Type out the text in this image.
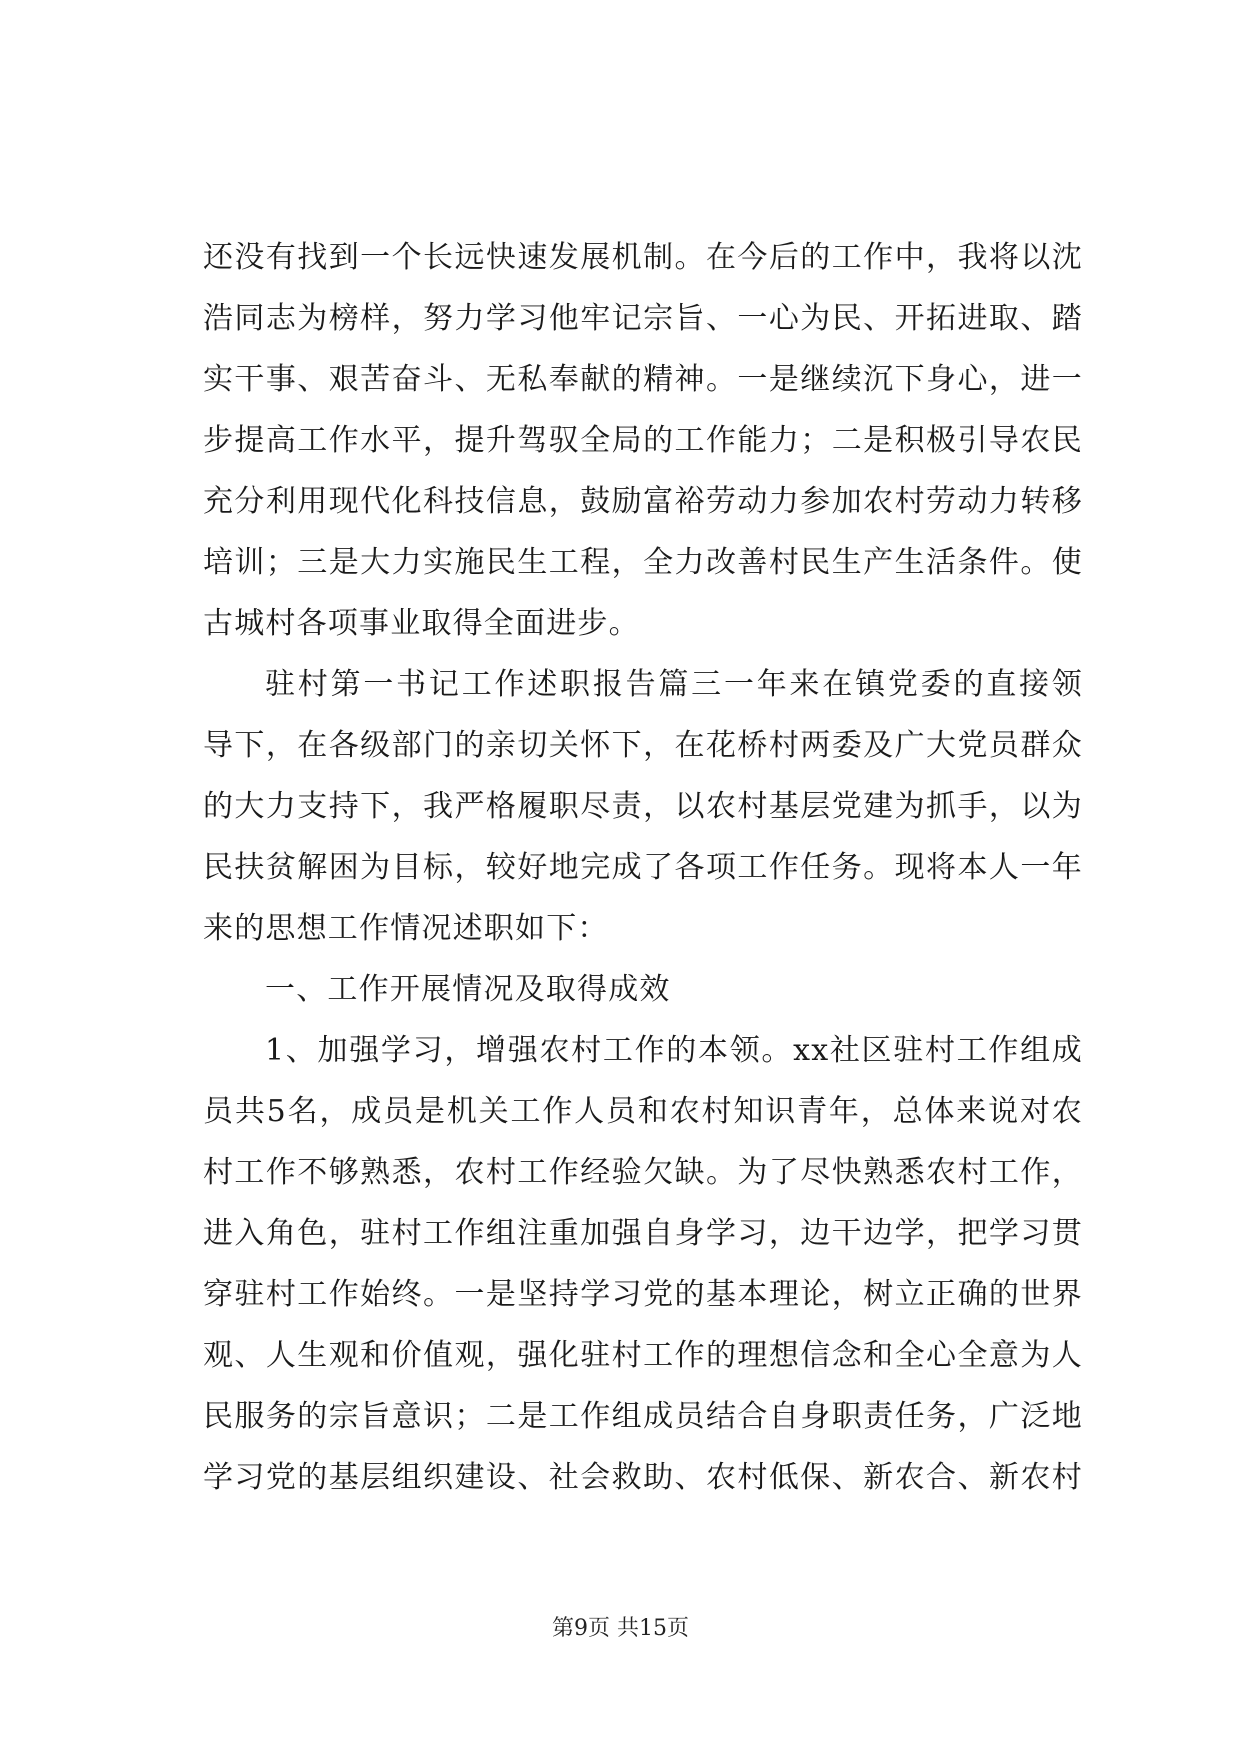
还没有找到一个长远快速发展机制。在今后的工作中，我将以沈
浩同志为榜样，努力学习他牢记宗旨、一心为民、开拓进取、踏
实干事、艰苦奋斗、无私奉献的精神。一是继续沉下身心，进一
步提高工作水平，提升驾驭全局的工作能力；二是积极引导农民
充分利用现代化科技信息，鼓励富裕劳动力参加农村劳动力转移
培训；三是大力实施民生工程，全力改善村民生产生活条件。使
古城村各项事业取得全面进步。
驻村第一书记工作述职报告篇三一年来在镇党委的直接领
导下，在各级部门的亲切关怀下，在花桥村两委及广大党员群众
的大力支持下，我严格履职尽责，以农村基层党建为抓手，以为
民扶贫解困为目标，较好地完成了各项工作任务。现将本人一年
来的思想工作情况述职如下：
一、工作开展情况及取得成效
1、加强学习，增强农村工作的本领。xx社区驻村工作组成
员共5名，成员是机关工作人员和农村知识青年，总体来说对农
村工作不够熟悉，农村工作经验欠缺。为了尽快熟悉农村工作，
进入角色，驻村工作组注重加强自身学习，边干边学，把学习贯
穿驻村工作始终。一是坚持学习党的基本理论，树立正确的世界
观、人生观和价值观，强化驻村工作的理想信念和全心全意为人
民服务的宗旨意识；二是工作组成员结合自身职责任务，广泛地
学习党的基层组织建设、社会救助、农村低保、新农合、新农村
第9页 共15页
